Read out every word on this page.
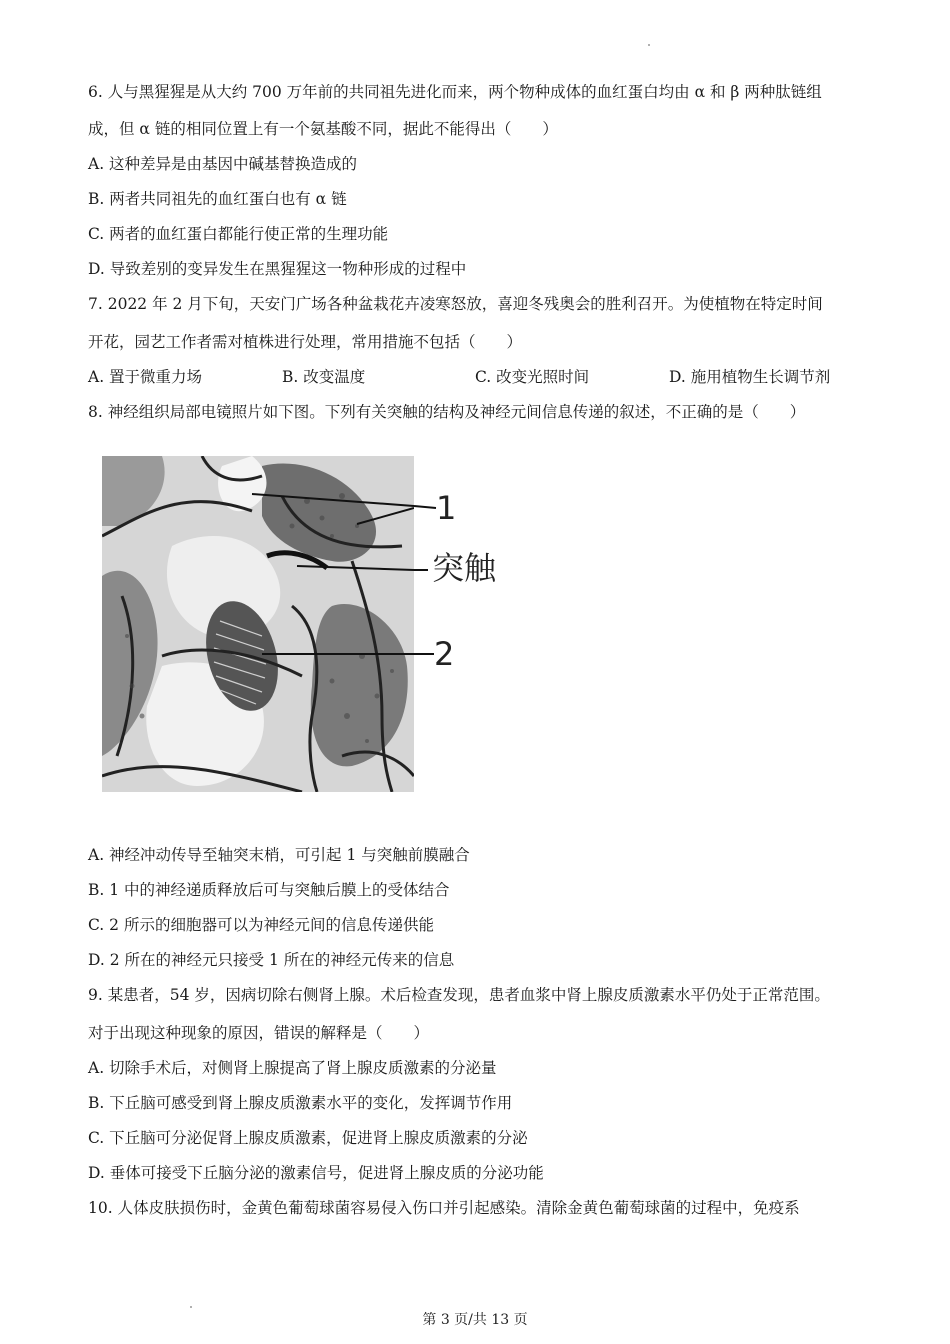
6. 人与黑猩猩是从大约 700 万年前的共同祖先进化而来，两个物种成体的血红蛋白均由 α 和 β 两种肽链组
成，但 α 链的相同位置上有一个氨基酸不同，据此不能得出（　　）
A. 这种差异是由基因中碱基替换造成的
B. 两者共同祖先的血红蛋白也有 α 链
C. 两者的血红蛋白都能行使正常的生理功能
D. 导致差别的变异发生在黑猩猩这一物种形成的过程中
7. 2022 年 2 月下旬，天安门广场各种盆栽花卉凌寒怒放，喜迎冬残奥会的胜利召开。为使植物在特定时间
开花，园艺工作者需对植株进行处理，常用措施不包括（　　）
A. 置于微重力场	B. 改变温度	C. 改变光照时间	D. 施用植物生长调节剂
8. 神经组织局部电镜照片如下图。下列有关突触的结构及神经元间信息传递的叙述，不正确的是（　　）
1
突触
2
A. 神经冲动传导至轴突末梢，可引起 1 与突触前膜融合
B. 1 中的神经递质释放后可与突触后膜上的受体结合
C. 2 所示的细胞器可以为神经元间的信息传递供能
D. 2 所在的神经元只接受 1 所在的神经元传来的信息
9. 某患者，54 岁，因病切除右侧肾上腺。术后检查发现，患者血浆中肾上腺皮质激素水平仍处于正常范围。
对于出现这种现象的原因，错误的解释是（　　）
A. 切除手术后，对侧肾上腺提高了肾上腺皮质激素的分泌量
B. 下丘脑可感受到肾上腺皮质激素水平的变化，发挥调节作用
C. 下丘脑可分泌促肾上腺皮质激素，促进肾上腺皮质激素的分泌
D. 垂体可接受下丘脑分泌的激素信号，促进肾上腺皮质的分泌功能
10. 人体皮肤损伤时，金黄色葡萄球菌容易侵入伤口并引起感染。清除金黄色葡萄球菌的过程中，免疫系
第 3 页/共 13 页
